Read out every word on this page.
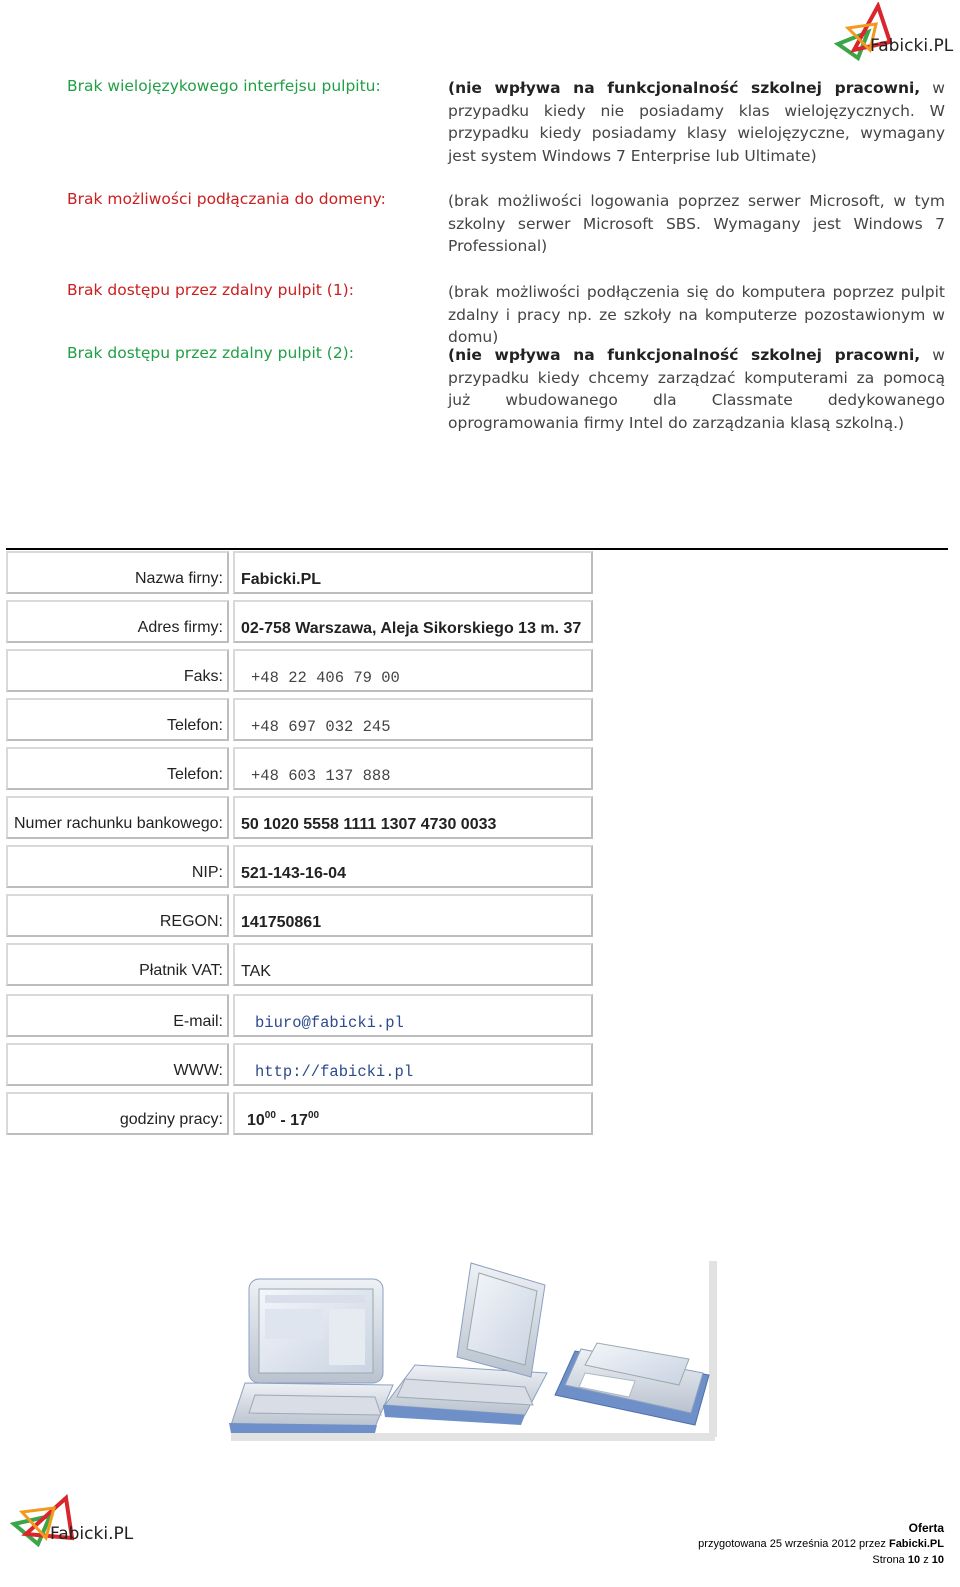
Fabicki.PL
Brak wielojęzykowego interfejsu pulpitu:	(nie wpływa na funkcjonalność szkolnej pracowni, w przypadku kiedy nie posiadamy klas wielojęzycznych. W przypadku kiedy posiadamy klasy wielojęzyczne, wymagany jest system Windows 7 Enterprise lub Ultimate)
Brak możliwości podłączania do domeny:	(brak możliwości logowania poprzez serwer Microsoft, w tym szkolny serwer Microsoft SBS. Wymagany jest Windows 7 Professional)
Brak dostępu przez zdalny pulpit (1):	(brak możliwości podłączenia się do komputera poprzez pulpit zdalny i pracy np. ze szkoły na komputerze pozostawionym w domu)
Brak dostępu przez zdalny pulpit (2):	(nie wpływa na funkcjonalność szkolnej pracowni, w przypadku kiedy chcemy zarządzać komputerami za pomocą już wbudowanego dla Classmate dedykowanego oprogramowania firmy Intel do zarządzania klasą szkolną.)
Nazwa firny: Fabicki.PL
Adres firmy: 02-758 Warszawa, Aleja Sikorskiego 13 m. 37
Faks: +48 22 406 79 00
Telefon: +48 697 032 245
Telefon: +48 603 137 888
Numer rachunku bankowego: 50 1020 5558 1111 1307 4730 0033
NIP: 521-143-16-04
REGON: 141750861
Płatnik VAT: TAK
E-mail: biuro@fabicki.pl
WWW: http://fabicki.pl
godziny pracy: $10^{00} - 17^{00}$
Fabicki.PL	Oferta
przygotowana 25 września 2012 przez Fabicki.PL
Strona 10 z 10
